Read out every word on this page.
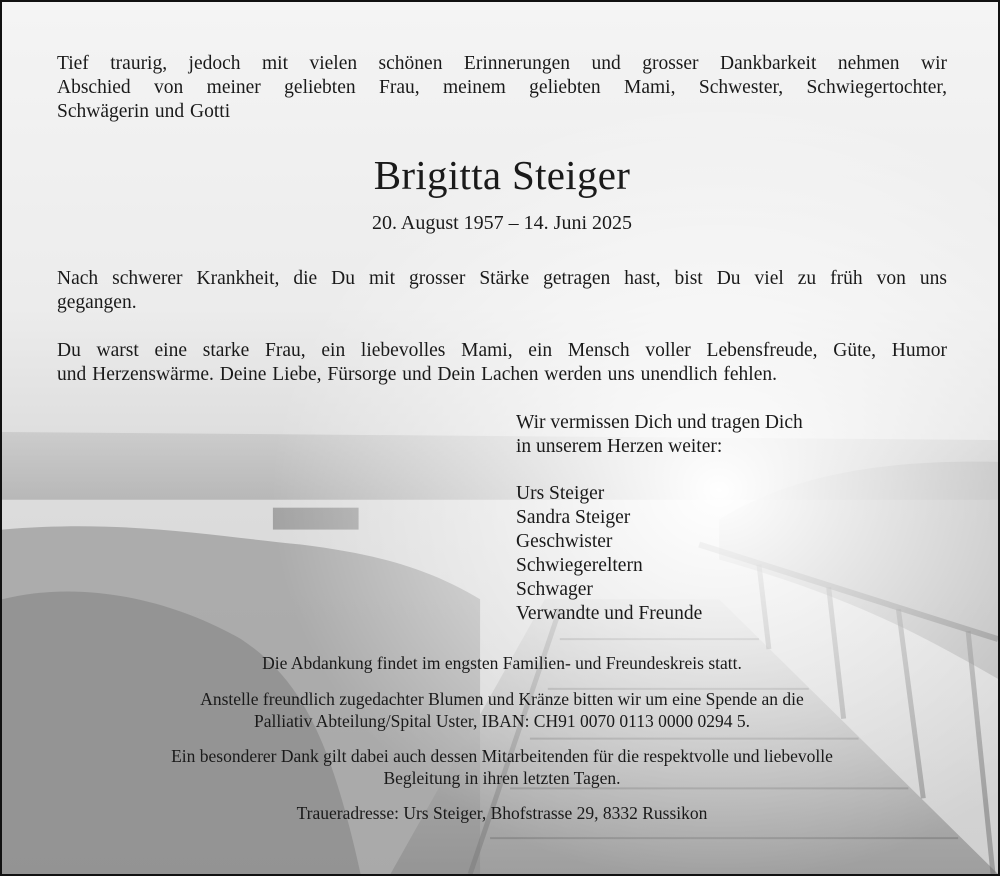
Tief traurig, jedoch mit vielen schönen Erinnerungen und grosser Dankbarkeit nehmen wir
Abschied von meiner geliebten Frau, meinem geliebten Mami, Schwester, Schwiegertochter,
Schwägerin und Gotti

Brigitta Steiger

20. August 1957 – 14. Juni 2025

Nach schwerer Krankheit, die Du mit grosser Stärke getragen hast, bist Du viel zu früh von uns
gegangen.

Du warst eine starke Frau, ein liebevolles Mami, ein Mensch voller Lebensfreude, Güte, Humor
und Herzenswärme. Deine Liebe, Fürsorge und Dein Lachen werden uns unendlich fehlen.

Wir vermissen Dich und tragen Dich
in unserem Herzen weiter:
Urs Steiger
Sandra Steiger
Geschwister
Schwiegereltern
Schwager
Verwandte und Freunde

Die Abdankung findet im engsten Familien- und Freundeskreis statt.

Anstelle freundlich zugedachter Blumen und Kränze bitten wir um eine Spende an die
Palliativ Abteilung/Spital Uster, IBAN: CH91 0070 0113 0000 0294 5.

Ein besonderer Dank gilt dabei auch dessen Mitarbeitenden für die respektvolle und liebevolle
Begleitung in ihren letzten Tagen.

Traueradresse: Urs Steiger, Bhofstrasse 29, 8332 Russikon
